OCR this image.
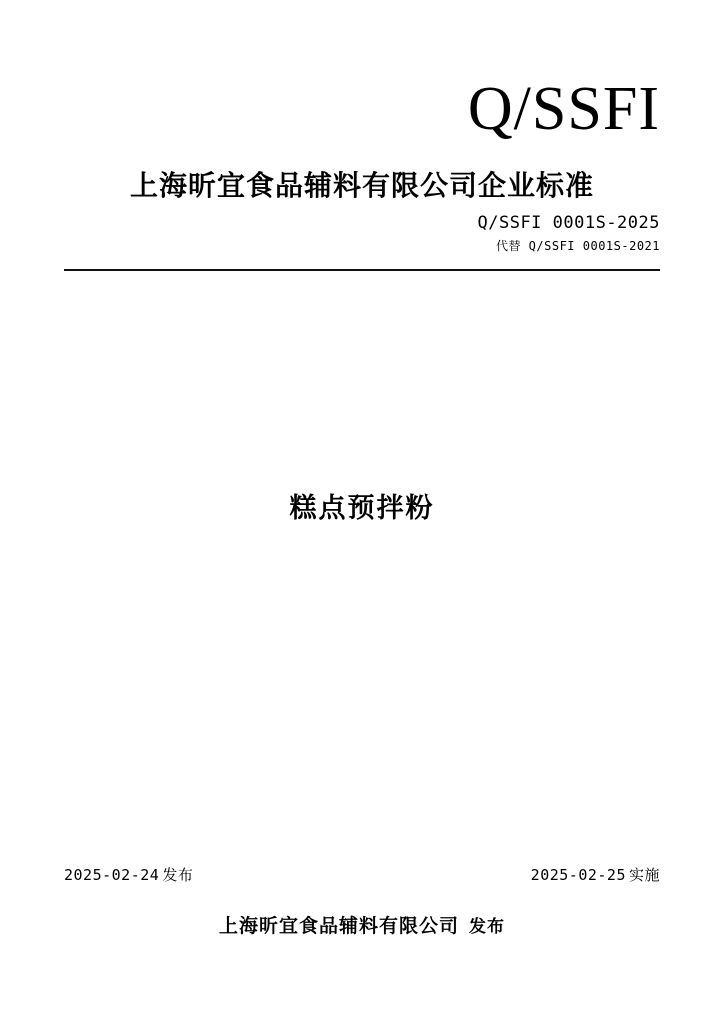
Q/SSFI
上海昕宜食品辅料有限公司企业标准
Q/SSFI 0001S-2025
代替 Q/SSFI 0001S-2021
糕点预拌粉
2025-02-24 发布	2025-02-25 实施
上海昕宜食品辅料有限公司 发布
